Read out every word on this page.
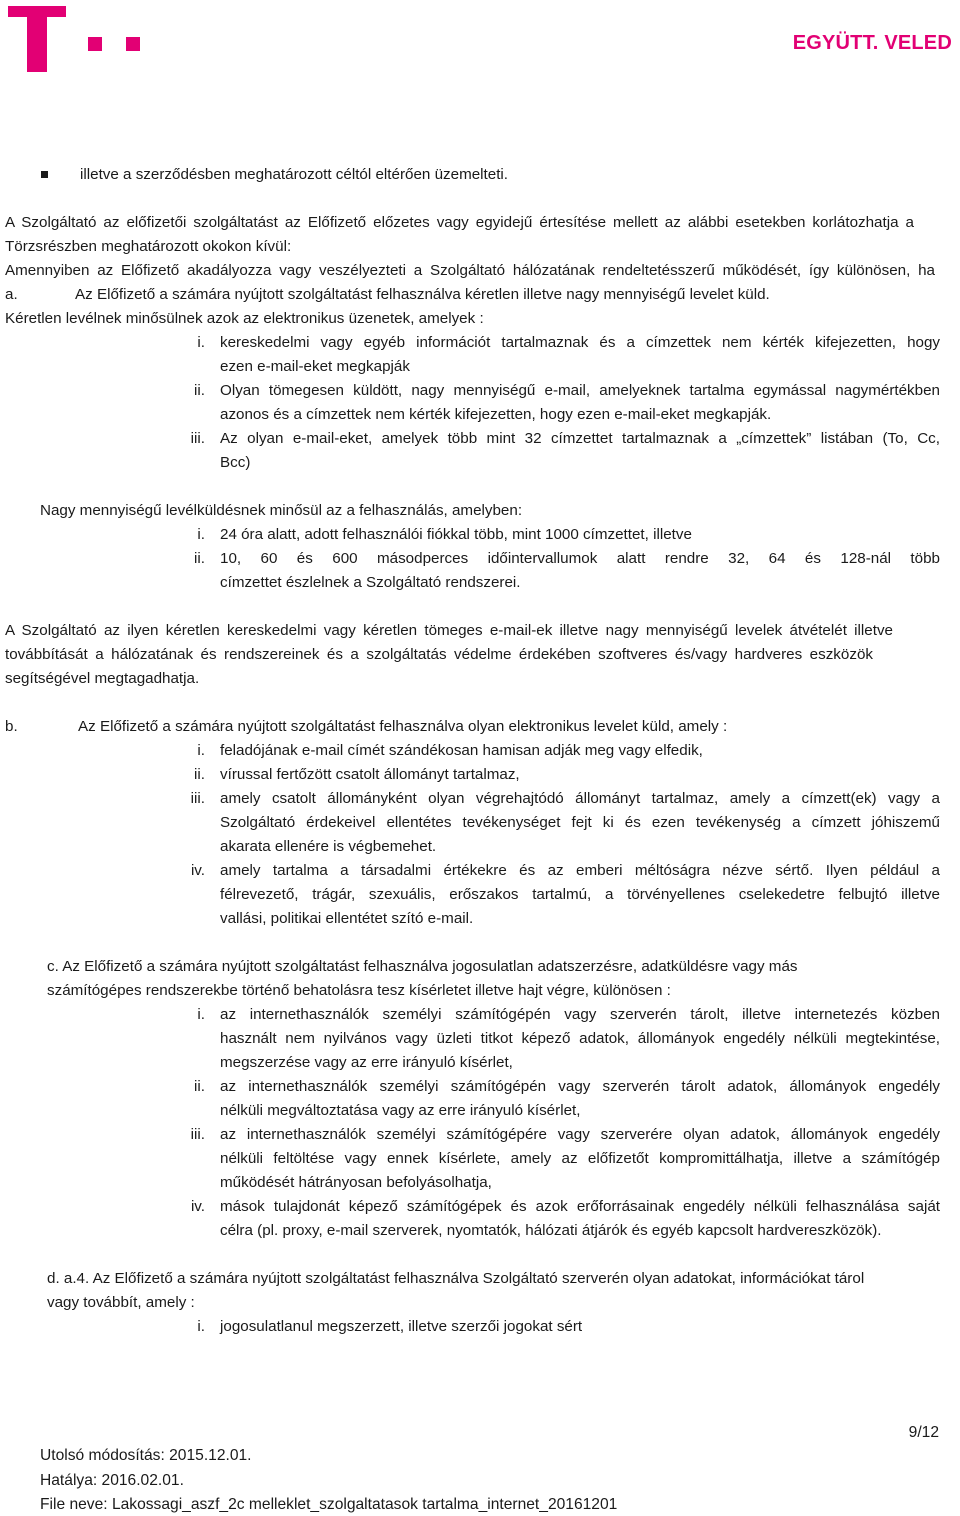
EGYÜTT. VELED
illetve a szerződésben meghatározott céltól eltérően üzemelteti.
A Szolgáltató az előfizetői szolgáltatást az Előfizető előzetes vagy egyidejű értesítése mellett az alábbi esetekben korlátozhatja a
Törzsrészben meghatározott okokon kívül:
Amennyiben az Előfizető akadályozza vagy veszélyezteti a Szolgáltató hálózatának rendeltetésszerű működését, így különösen, ha
a.	Az Előfizető a számára nyújtott szolgáltatást felhasználva kéretlen illetve nagy mennyiségű levelet küld.
Kéretlen levélnek minősülnek azok az elektronikus üzenetek, amelyek :
i. kereskedelmi vagy egyéb információt tartalmaznak és a címzettek nem kérték kifejezetten, hogy
ezen e-mail-eket megkapják
ii. Olyan tömegesen küldött, nagy mennyiségű e-mail, amelyeknek tartalma egymással nagymértékben
azonos és a címzettek nem kérték kifejezetten, hogy ezen e-mail-eket megkapják.
iii. Az olyan e-mail-eket, amelyek több mint 32 címzettet tartalmaznak a „címzettek” listában (To, Cc,
Bcc)
Nagy mennyiségű levélküldésnek minősül az a felhasználás, amelyben:
i. 24 óra alatt, adott felhasználói fiókkal több, mint 1000 címzettet, illetve
ii. 10, 60 és 600 másodperces időintervallumok alatt rendre 32, 64 és 128-nál több
címzettet észlelnek a Szolgáltató rendszerei.
A Szolgáltató az ilyen kéretlen kereskedelmi vagy kéretlen tömeges e-mail-ek illetve nagy mennyiségű levelek átvételét illetve
továbbítását a hálózatának és rendszereinek és a szolgáltatás védelme érdekében szoftveres és/vagy hardveres eszközök
segítségével megtagadhatja.
b.	Az Előfizető a számára nyújtott szolgáltatást felhasználva olyan elektronikus levelet küld, amely :
i. feladójának e-mail címét szándékosan hamisan adják meg vagy elfedik,
ii. vírussal fertőzött csatolt állományt tartalmaz,
iii. amely csatolt állományként olyan végrehajtódó állományt tartalmaz, amely a címzett(ek) vagy a
Szolgáltató érdekeivel ellentétes tevékenységet fejt ki és ezen tevékenység a címzett jóhiszemű
akarata ellenére is végbemehet.
iv. amely tartalma a társadalmi értékekre és az emberi méltóságra nézve sértő. Ilyen például a
félrevezető, trágár, szexuális, erőszakos tartalmú, a törvényellenes cselekedetre felbujtó illetve
vallási, politikai ellentétet szító e-mail.
c. Az Előfizető a számára nyújtott szolgáltatást felhasználva jogosulatlan adatszerzésre, adatküldésre vagy más
számítógépes rendszerekbe történő behatolásra tesz kísérletet illetve hajt végre, különösen :
i. az internethasználók személyi számítógépén vagy szerverén tárolt, illetve internetezés közben
használt nem nyilvános vagy üzleti titkot képező adatok, állományok engedély nélküli megtekintése,
megszerzése vagy az erre irányuló kísérlet,
ii. az internethasználók személyi számítógépén vagy szerverén tárolt adatok, állományok engedély
nélküli megváltoztatása vagy az erre irányuló kísérlet,
iii. az internethasználók személyi számítógépére vagy szerverére olyan adatok, állományok engedély
nélküli feltöltése vagy ennek kísérlete, amely az előfizetőt kompromittálhatja, illetve a számítógép
működését hátrányosan befolyásolhatja,
iv. mások tulajdonát képező számítógépek és azok erőforrásainak engedély nélküli felhasználása saját
célra (pl. proxy, e-mail szerverek, nyomtatók, hálózati átjárók és egyéb kapcsolt hardvereszközök).
d. a.4. Az Előfizető a számára nyújtott szolgáltatást felhasználva Szolgáltató szerverén olyan adatokat, információkat tárol
vagy továbbít, amely :
i. jogosulatlanul megszerzett, illetve szerzői jogokat sért
9/12
Utolsó módosítás: 2015.12.01.
Hatálya: 2016.02.01.
File neve: Lakossagi_aszf_2c melleklet_szolgaltatasok tartalma_internet_20161201
